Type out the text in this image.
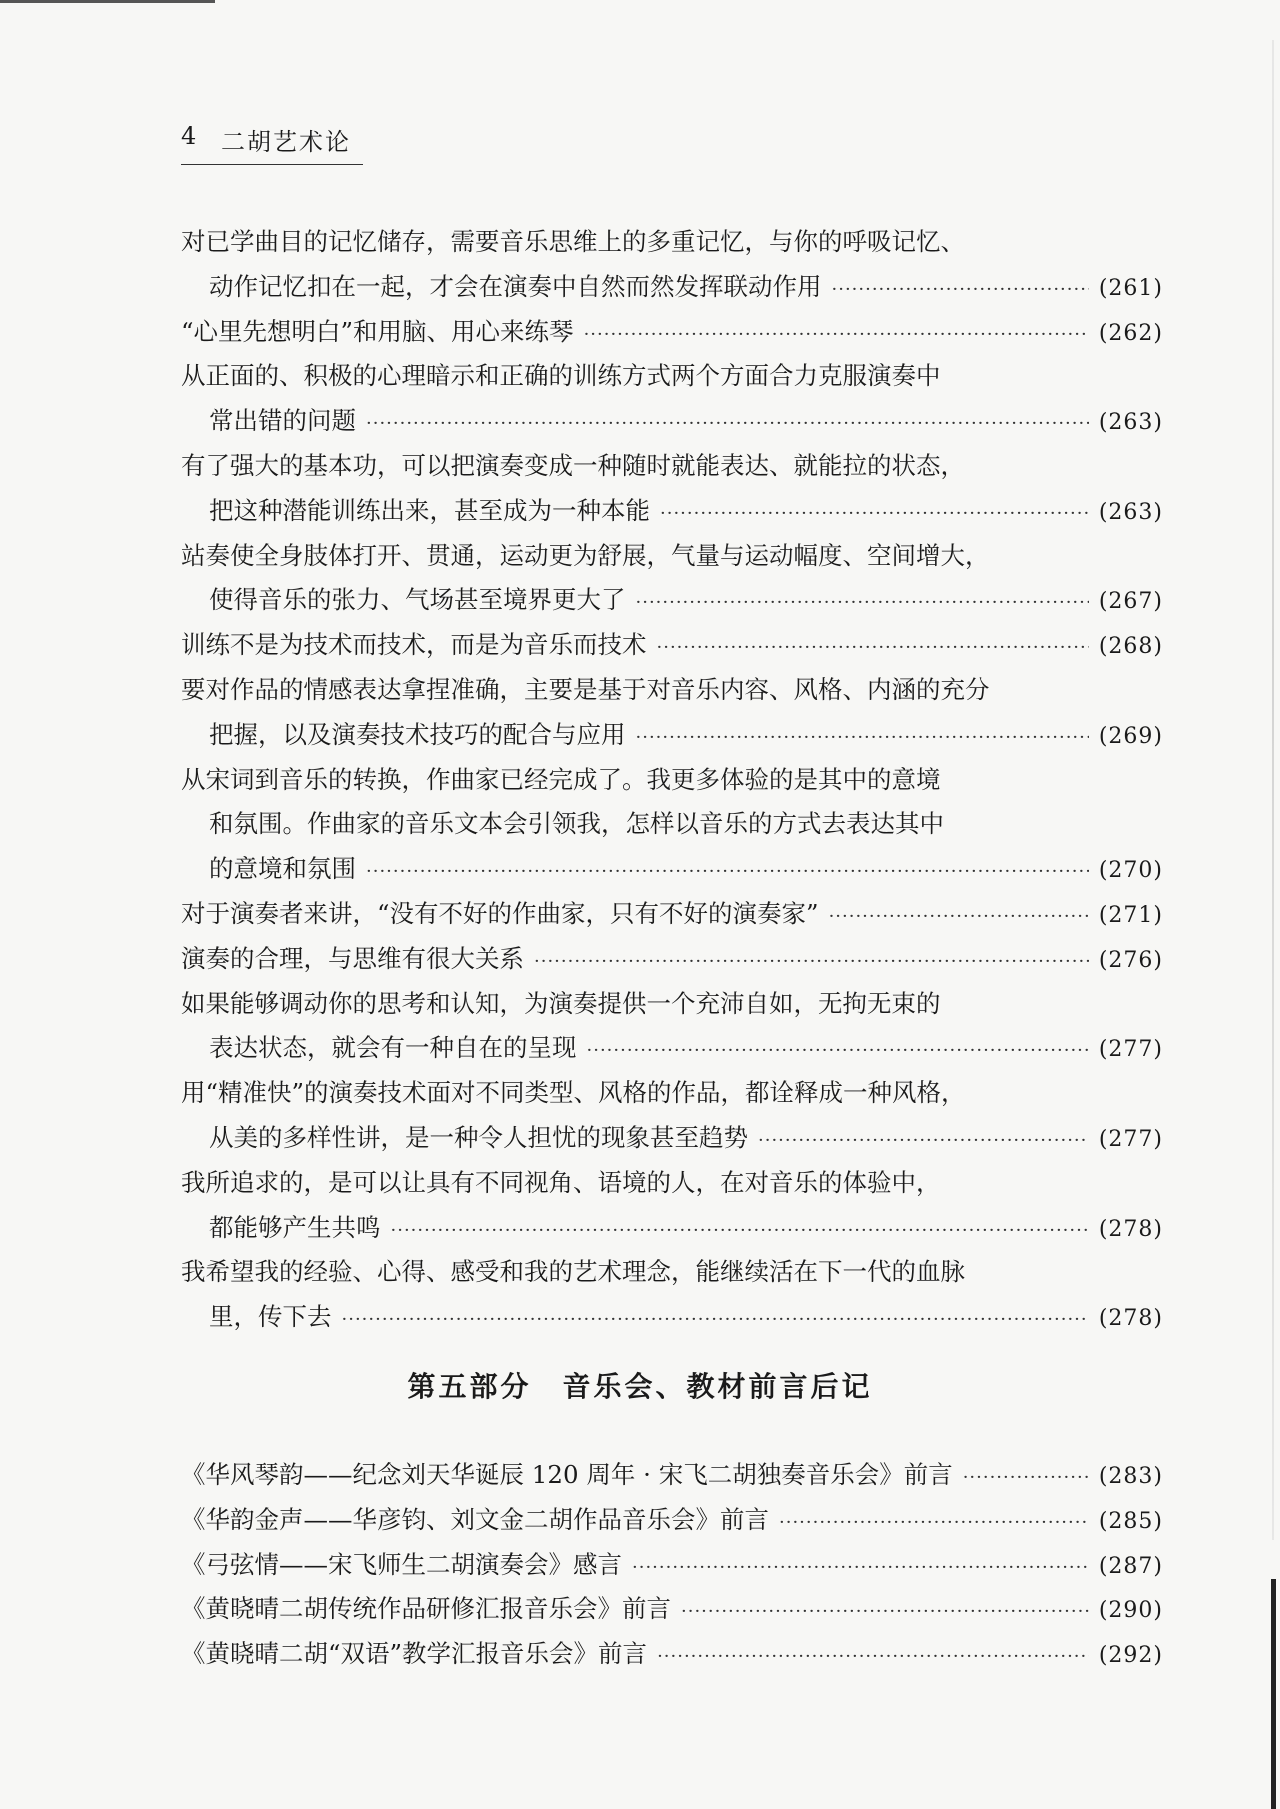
4 二胡艺术论
对已学曲目的记忆储存，需要音乐思维上的多重记忆，与你的呼吸记忆、
动作记忆扣在一起，才会在演奏中自然而然发挥联动作用 ·····	(261)
“心里先想明白”和用脑、用心来练琴 ·····	(262)
从正面的、积极的心理暗示和正确的训练方式两个方面合力克服演奏中
常出错的问题 ·····	(263)
有了强大的基本功，可以把演奏变成一种随时就能表达、就能拉的状态，
把这种潜能训练出来，甚至成为一种本能 ·····	(263)
站奏使全身肢体打开、贯通，运动更为舒展，气量与运动幅度、空间增大，
使得音乐的张力、气场甚至境界更大了 ·····	(267)
训练不是为技术而技术，而是为音乐而技术 ·····	(268)
要对作品的情感表达拿捏准确，主要是基于对音乐内容、风格、内涵的充分
把握，以及演奏技术技巧的配合与应用 ·····	(269)
从宋词到音乐的转换，作曲家已经完成了。我更多体验的是其中的意境
和氛围。作曲家的音乐文本会引领我，怎样以音乐的方式去表达其中
的意境和氛围 ·····	(270)
对于演奏者来讲，“没有不好的作曲家，只有不好的演奏家” ·····	(271)
演奏的合理，与思维有很大关系 ·····	(276)
如果能够调动你的思考和认知，为演奏提供一个充沛自如，无拘无束的
表达状态，就会有一种自在的呈现 ·····	(277)
用“精准快”的演奏技术面对不同类型、风格的作品，都诠释成一种风格，
从美的多样性讲，是一种令人担忧的现象甚至趋势 ·····	(277)
我所追求的，是可以让具有不同视角、语境的人，在对音乐的体验中，
都能够产生共鸣 ·····	(278)
我希望我的经验、心得、感受和我的艺术理念，能继续活在下一代的血脉
里，传下去 ·····	(278)
第五部分　音乐会、教材前言后记
《华风琴韵——纪念刘天华诞辰 120 周年 · 宋飞二胡独奏音乐会》前言 ·····	(283)
《华韵金声——华彦钧、刘文金二胡作品音乐会》前言 ·····	(285)
《弓弦情——宋飞师生二胡演奏会》感言 ·····	(287)
《黄晓晴二胡传统作品研修汇报音乐会》前言 ·····	(290)
《黄晓晴二胡“双语”教学汇报音乐会》前言 ·····	(292)
